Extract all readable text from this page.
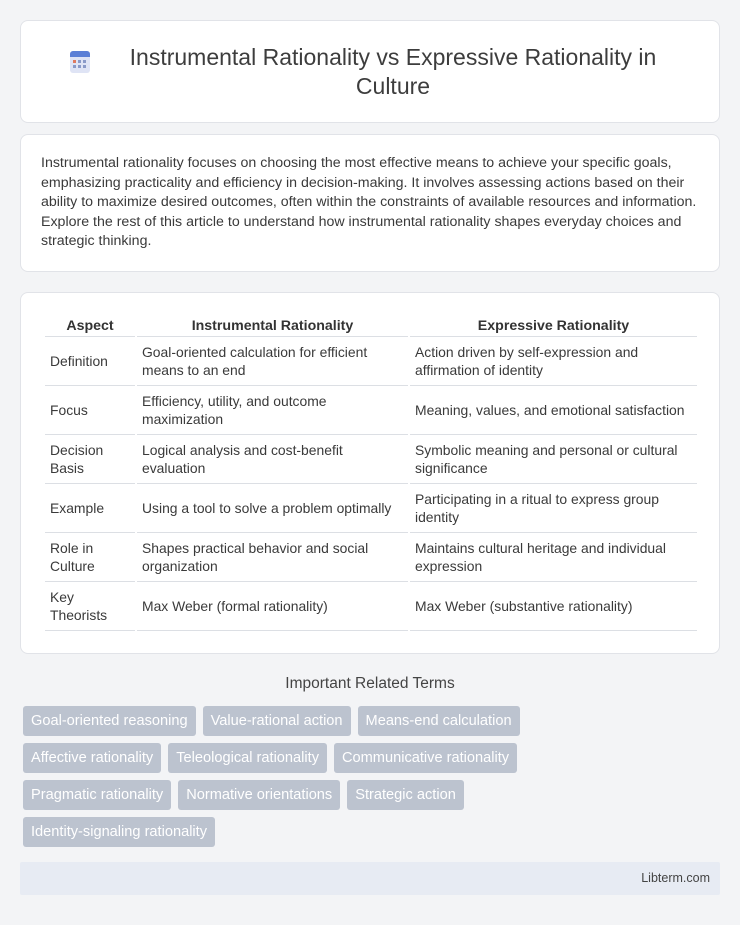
Instrumental Rationality vs Expressive Rationality in Culture

Instrumental rationality focuses on choosing the most effective means to achieve your specific goals, emphasizing practicality and efficiency in decision-making. It involves assessing actions based on their ability to maximize desired outcomes, often within the constraints of available resources and information. Explore the rest of this article to understand how instrumental rationality shapes everyday choices and strategic thinking.

Aspect	Instrumental Rationality	Expressive Rationality
Definition	Goal-oriented calculation for efficient means to an end	Action driven by self-expression and affirmation of identity
Focus	Efficiency, utility, and outcome maximization	Meaning, values, and emotional satisfaction
Decision Basis	Logical analysis and cost-benefit evaluation	Symbolic meaning and personal or cultural significance
Example	Using a tool to solve a problem optimally	Participating in a ritual to express group identity
Role in Culture	Shapes practical behavior and social organization	Maintains cultural heritage and individual expression
Key Theorists	Max Weber (formal rationality)	Max Weber (substantive rationality)
Important Related Terms
Goal-oriented reasoning	Value-rational action	Means-end calculation
Affective rationality	Teleological rationality	Communicative rationality
Pragmatic rationality	Normative orientations	Strategic action
Identity-signaling rationality
Libterm.com
